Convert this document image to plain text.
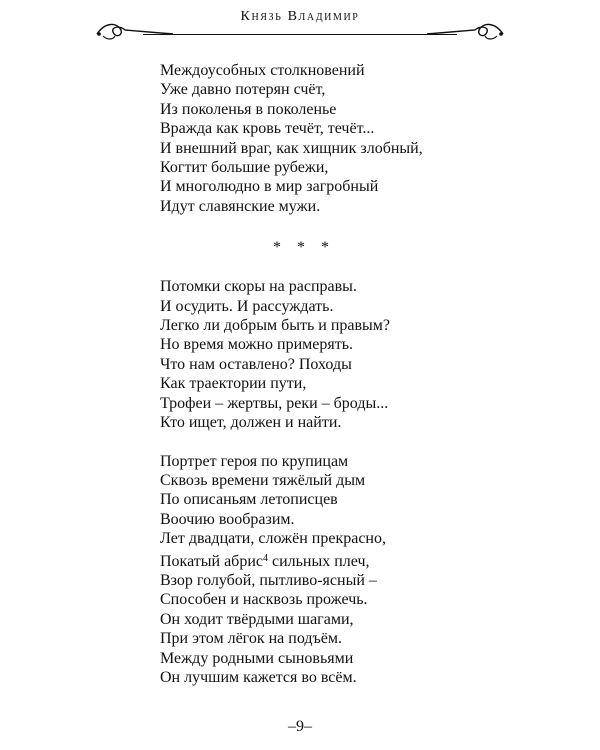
Князь Владимир
Междоусобных столкновений
Уже давно потерян счёт,
Из поколенья в поколенье
Вражда как кровь течёт, течёт...
И внешний враг, как хищник злобный,
Когтит большие рубежи,
И многолюдно в мир загробный
Идут славянские мужи.
* * *
Потомки скоры на расправы.
И осудить. И рассуждать.
Легко ли добрым быть и правым?
Но время можно примерять.
Что нам оставлено? Походы
Как траектории пути,
Трофеи – жертвы, реки – броды...
Кто ищет, должен и найти.
Портрет героя по крупицам
Сквозь времени тяжёлый дым
По описаньям летописцев
Воочию вообразим.
Лет двадцати, сложён прекрасно,
Покатый абрис$^4$ сильных плеч,
Взор голубой, пытливо-ясный –
Способен и насквозь прожечь.
Он ходит твёрдыми шагами,
При этом лёгок на подъём.
Между родными сыновьями
Он лучшим кажется во всём.
–9–
